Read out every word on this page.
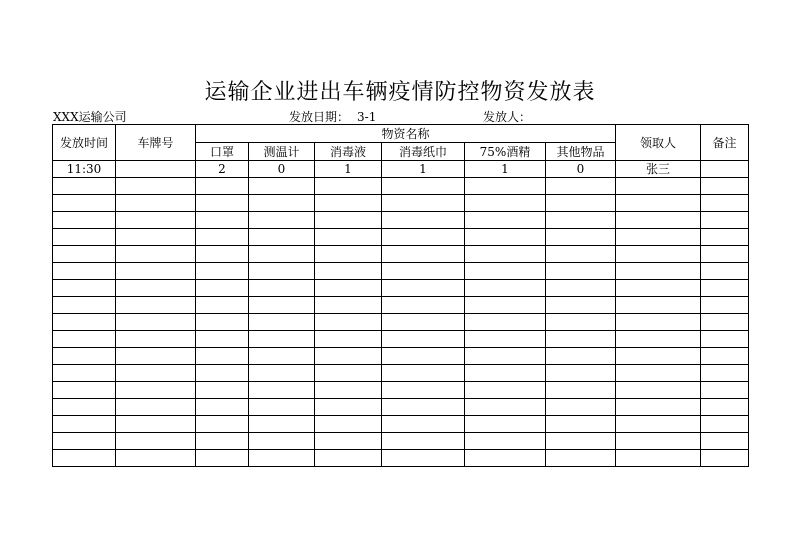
运输企业进出车辆疫情防控物资发放表
XXX运输公司	发放日期： 3-1	发放人：
发放时间	车牌号	物资名称						领取人	备注
		口罩	测温计	消毒液	消毒纸巾	75%酒精	其他物品		
11:30		2	0	1	1	1	0	张三	
